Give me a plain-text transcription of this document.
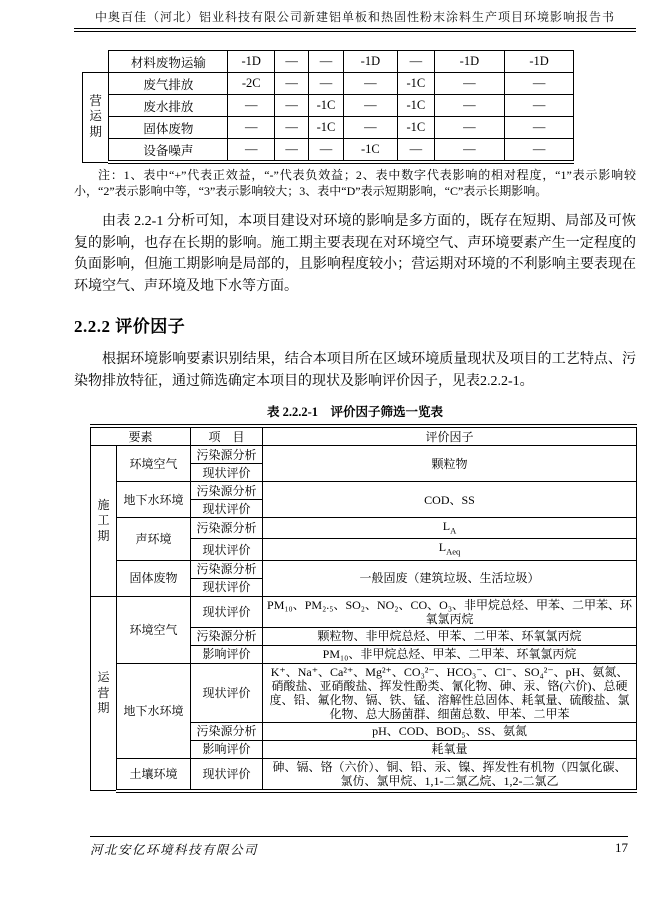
中奥百佳（河北）铝业科技有限公司新建铝单板和热固性粉末涂料生产项目环境影响报告书
	材料废物运输	-1D	—	—	-1D	—	-1D	-1D
营运期	废气排放	-2C	—	—	—	-1C	—	—
	废水排放	—	—	-1C	—	-1C	—	—
	固体废物	—	—	-1C	—	-1C	—	—
	设备噪声	—	—	—	-1C	—	—	—

注：1、表中“+”代表正效益，“-”代表负效益；2、表中数字代表影响的相对程度，“1”表示影响较小，“2”表示影响中等，“3”表示影响较大；3、表中“D”表示短期影响，“C”表示长期影响。

由表 2.2-1 分析可知，本项目建设对环境的影响是多方面的，既存在短期、局部及可恢复的影响，也存在长期的影响。施工期主要表现在对环境空气、声环境要素产生一定程度的负面影响，但施工期影响是局部的，且影响程度较小；营运期对环境的不利影响主要表现在环境空气、声环境及地下水等方面。

2.2.2 评价因子

根据环境影响要素识别结果，结合本项目所在区域环境质量现状及项目的工艺特点、污染物排放特征，通过筛选确定本项目的现状及影响评价因子，见表2.2.2-1。

表 2.2.2-1　评价因子筛选一览表

要素		项　目	评价因子
施工期	环境空气	污染源分析	颗粒物
		现状评价	
	地下水环境	污染源分析	COD、SS
		现状评价	
	声环境	污染源分析	$L_A$
		现状评价	$L_{Aeq}$
	固体废物	污染源分析	一般固废（建筑垃圾、生活垃圾）
		现状评价	
运营期	环境空气	现状评价	PM₁₀、PM₂.₅、SO₂、NO₂、CO、O₃、非甲烷总烃、甲苯、二甲苯、环氧氯丙烷
		污染源分析	颗粒物、非甲烷总烃、甲苯、二甲苯、环氧氯丙烷
		影响评价	PM₁₀、非甲烷总烃、甲苯、二甲苯、环氧氯丙烷
	地下水环境	现状评价	K⁺、Na⁺、Ca²⁺、Mg²⁺、CO₃²⁻、HCO₃⁻、Cl⁻、SO₄²⁻、pH、氨氮、硝酸盐、亚硝酸盐、挥发性酚类、氰化物、砷、汞、铬(六价)、总硬度、铅、氟化物、镉、铁、锰、溶解性总固体、耗氧量、硫酸盐、氯化物、总大肠菌群、细菌总数、甲苯、二甲苯
		污染源分析	pH、COD、BOD₅、SS、氨氮
		影响评价	耗氧量
	土壤环境	现状评价	砷、镉、铬（六价）、铜、铅、汞、镍、挥发性有机物（四氯化碳、氯仿、氯甲烷、1,1-二氯乙烷、1,2-二氯乙
河北安亿环境科技有限公司	17
